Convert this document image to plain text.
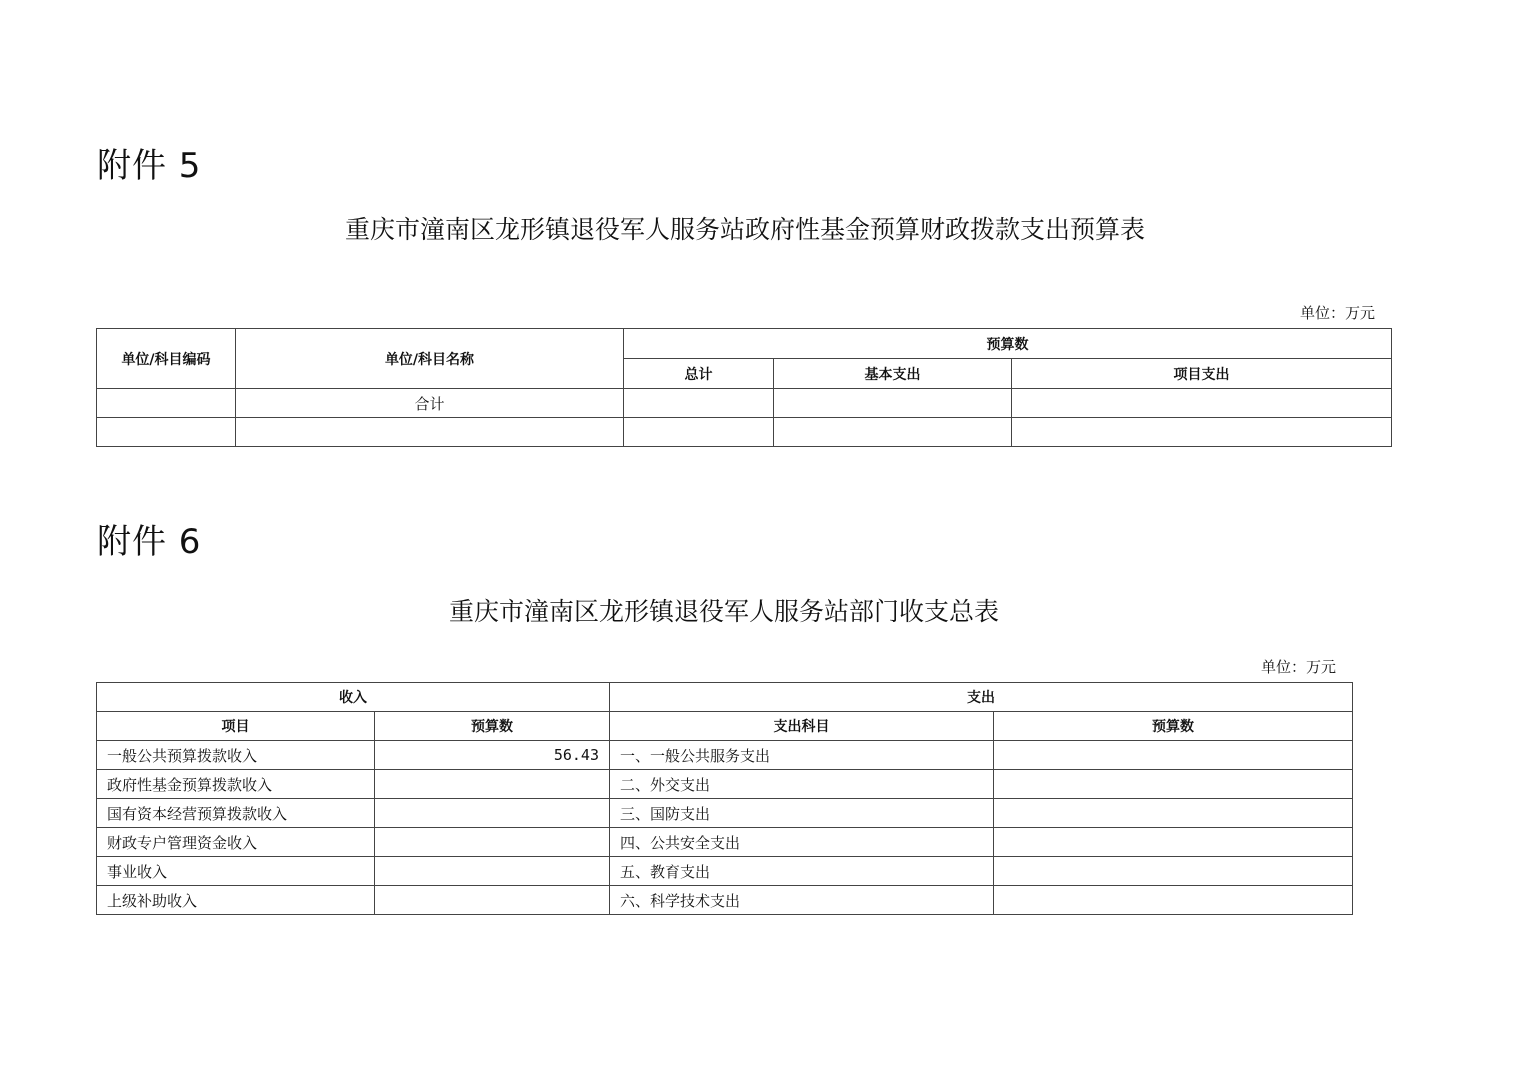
附件 5
重庆市潼南区龙形镇退役军人服务站政府性基金预算财政拨款支出预算表
单位：万元
单位/科目编码	单位/科目名称	预算数		
		总计	基本支出	项目支出
	合计			

附件 6
重庆市潼南区龙形镇退役军人服务站部门收支总表
单位：万元
收入		支出	
项目	预算数	支出科目	预算数
一般公共预算拨款收入	56.43	一、一般公共服务支出	
政府性基金预算拨款收入		二、外交支出	
国有资本经营预算拨款收入		三、国防支出	
财政专户管理资金收入		四、公共安全支出	
事业收入		五、教育支出	
上级补助收入		六、科学技术支出	
